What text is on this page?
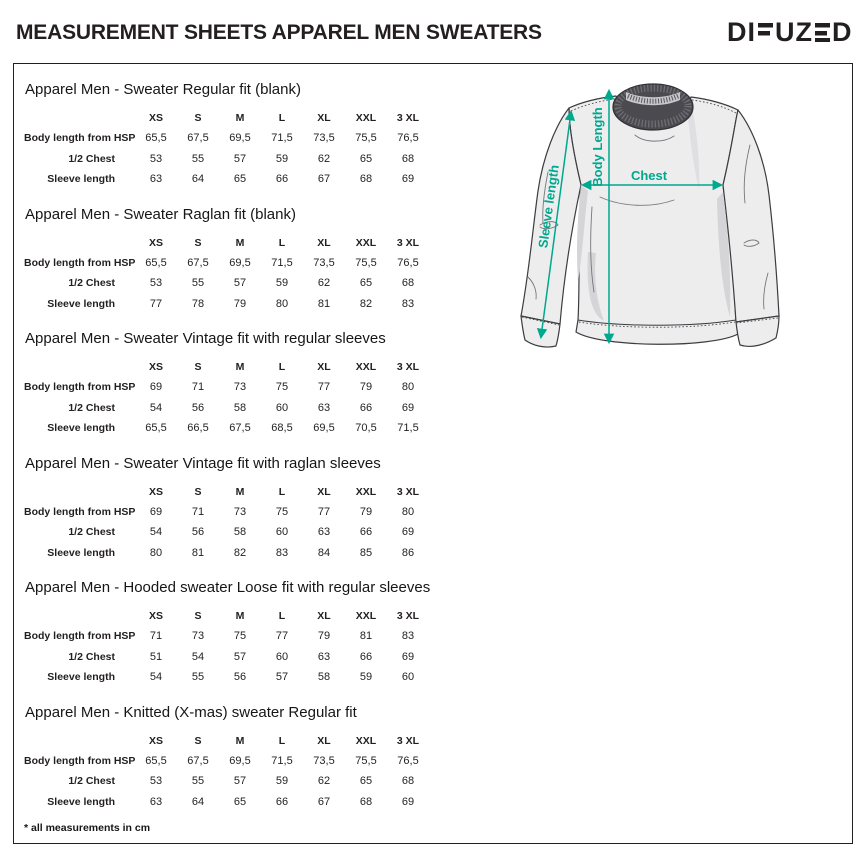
MEASUREMENT SHEETS APPAREL MEN SWEATERS	D I U Z D
Apparel Men - Sweater Regular fit (blank)
XS	S	M	L	XL	XXL	3 XL
Body length from HSP 65,5	67,5	69,5	71,5	73,5	75,5	76,5
1/2 Chest	53	55	57	59	62	65	68
Sleeve length	63	64	65	66	67	68	69
Apparel Men - Sweater Raglan fit (blank)
XS	S	M	L	XL	XXL	3 XL
Body length from HSP 65,5	67,5	69,5	71,5	73,5	75,5	76,5
1/2 Chest	53	55	57	59	62	65	68
Sleeve length	77	78	79	80	81	82	83
Apparel Men - Sweater Vintage fit with regular sleeves
XS	S	M	L	XL	XXL	3 XL
Body length from HSP	69	71	73	75	77	79	80
1/2 Chest	54	56	58	60	63	66	69
Sleeve length	65,5	66,5	67,5	68,5	69,5	70,5	71,5
Apparel Men - Sweater Vintage fit with raglan sleeves
XS	S	M	L	XL	XXL	3 XL
Body length from HSP	69	71	73	75	77	79	80
1/2 Chest	54	56	58	60	63	66	69
Sleeve length	80	81	82	83	84	85	86
Apparel Men - Hooded sweater Loose fit with regular sleeves
XS	S	M	L	XL	XXL	3 XL
Body length from HSP	71	73	75	77	79	81	83
1/2 Chest	51	54	57	60	63	66	69
Sleeve length	54	55	56	57	58	59	60
Apparel Men - Knitted (X-mas) sweater Regular fit
XS	S	M	L	XL	XXL	3 XL
Body length from HSP 65,5	67,5	69,5	71,5	73,5	75,5	76,5
1/2 Chest	53	55	57	59	62	65	68
Sleeve length	63	64	65	66	67	68	69
Body Length Chest
Sleeve length
* all measurements in cm
